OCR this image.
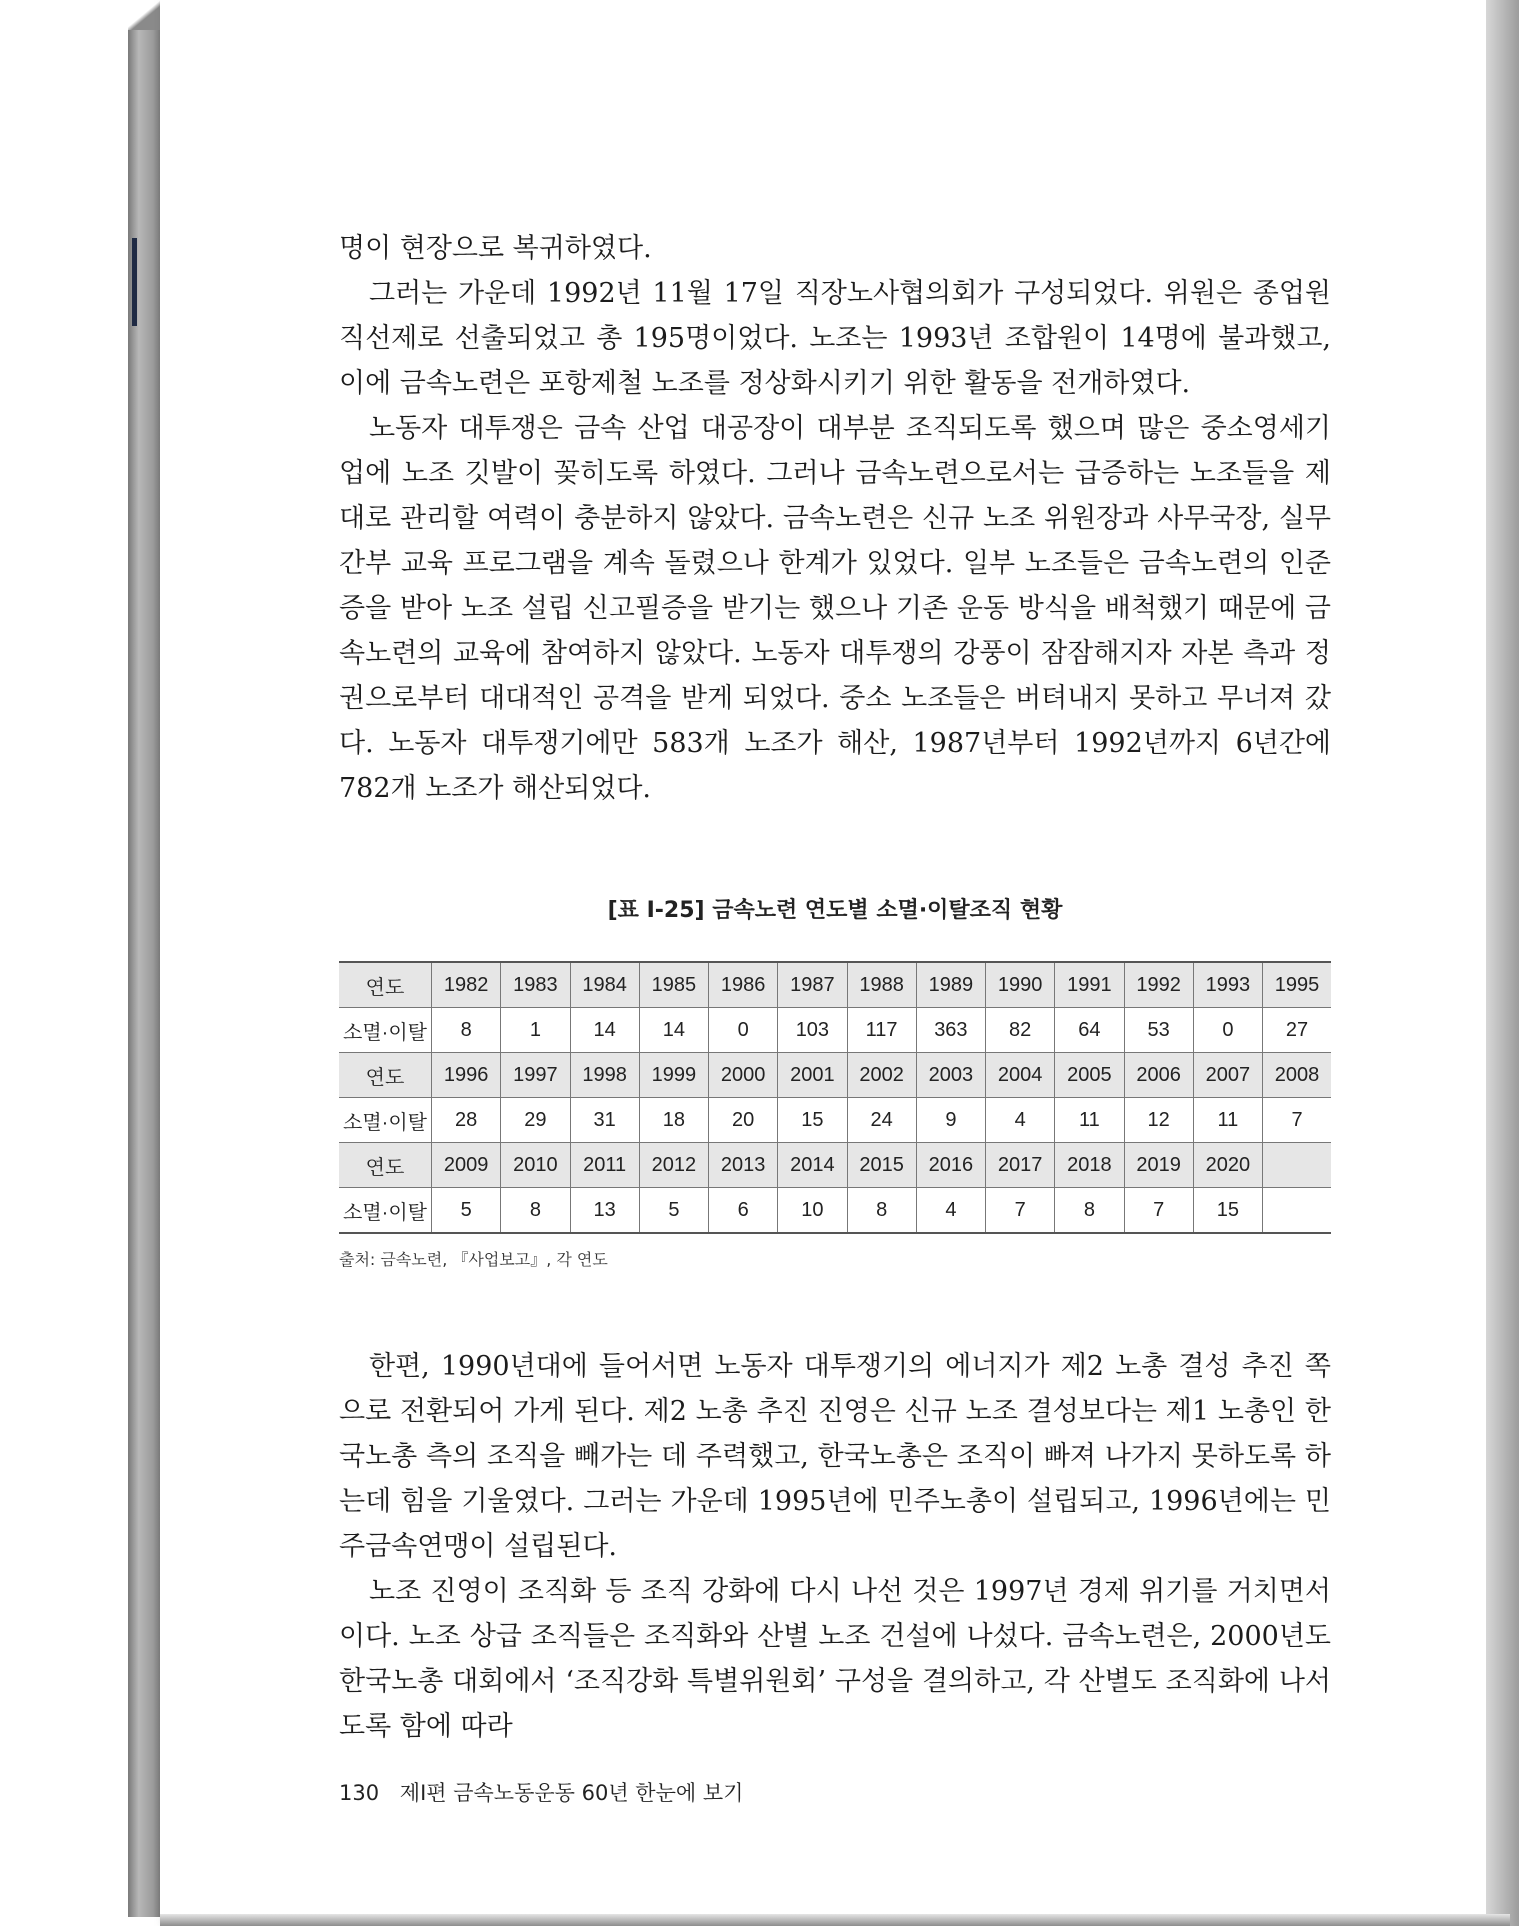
명이 현장으로 복귀하였다.

그러는 가운데 1992년 11월 17일 직장노사협의회가 구성되었다. 위원은 종업원 직선제로 선출되었고 총 195명이었다. 노조는 1993년 조합원이 14명에 불과했고, 이에 금속노련은 포항제철 노조를 정상화시키기 위한 활동을 전개하였다.

노동자 대투쟁은 금속 산업 대공장이 대부분 조직되도록 했으며 많은 중소영세기업에 노조 깃발이 꽂히도록 하였다. 그러나 금속노련으로서는 급증하는 노조들을 제대로 관리할 여력이 충분하지 않았다. 금속노련은 신규 노조 위원장과 사무국장, 실무 간부 교육 프로그램을 계속 돌렸으나 한계가 있었다. 일부 노조들은 금속노련의 인준증을 받아 노조 설립 신고필증을 받기는 했으나 기존 운동 방식을 배척했기 때문에 금속노련의 교육에 참여하지 않았다. 노동자 대투쟁의 강풍이 잠잠해지자 자본 측과 정권으로부터 대대적인 공격을 받게 되었다. 중소 노조들은 버텨내지 못하고 무너져 갔다. 노동자 대투쟁기에만 583개 노조가 해산, 1987년부터 1992년까지 6년간에 782개 노조가 해산되었다.

[표 Ⅰ-25] 금속노련 연도별 소멸·이탈조직 현황
연도	1982	1983	1984	1985	1986	1987	1988	1989	1990	1991	1992	1993	1995
소멸·이탈	8	1	14	14	0	103	117	363	82	64	53	0	27
연도	1996	1997	1998	1999	2000	2001	2002	2003	2004	2005	2006	2007	2008
소멸·이탈	28	29	31	18	20	15	24	9	4	11	12	11	7
연도	2009	2010	2011	2012	2013	2014	2015	2016	2017	2018	2019	2020	
소멸·이탈	5	8	13	5	6	10	8	4	7	8	7	15	
출처: 금속노련, 『사업보고』, 각 연도

한편, 1990년대에 들어서면 노동자 대투쟁기의 에너지가 제2 노총 결성 추진 쪽으로 전환되어 가게 된다. 제2 노총 추진 진영은 신규 노조 결성보다는 제1 노총인 한국노총 측의 조직을 빼가는 데 주력했고, 한국노총은 조직이 빠져 나가지 못하도록 하는데 힘을 기울였다. 그러는 가운데 1995년에 민주노총이 설립되고, 1996년에는 민주금속연맹이 설립된다.

노조 진영이 조직화 등 조직 강화에 다시 나선 것은 1997년 경제 위기를 거치면서이다. 노조 상급 조직들은 조직화와 산별 노조 건설에 나섰다. 금속노련은, 2000년도 한국노총 대회에서 ‘조직강화 특별위원회’ 구성을 결의하고, 각 산별도 조직화에 나서도록 함에 따라

130 제Ⅰ편 금속노동운동 60년 한눈에 보기
